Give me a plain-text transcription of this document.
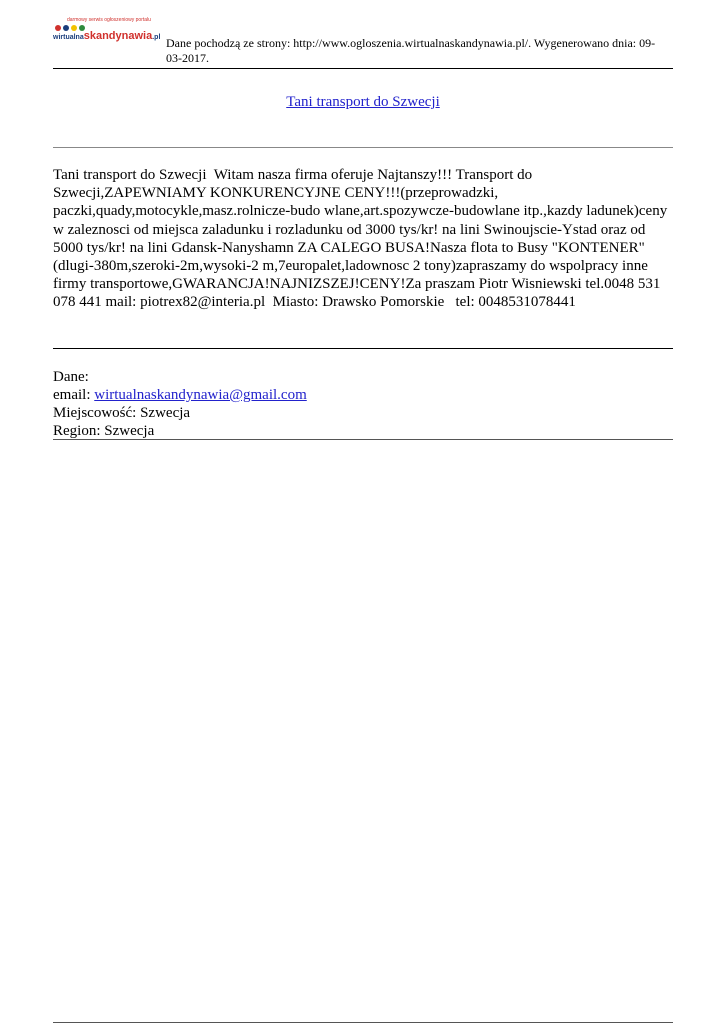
darmowy serwis ogłoszeniowy portalu
wirtualnaskandynawia.pl Dane pochodzą ze strony: http://www.ogloszenia.wirtualnaskandynawia.pl/. Wygenerowano dnia: 09-03-2017.
Tani transport do Szwecji
Tani transport do Szwecji  Witam nasza firma oferuje Najtanszy!!! Transport do Szwecji,ZAPEWNIAMY KONKURENCYJNE CENY!!!(przeprowadzki, paczki,quady,motocykle,masz.rolnicze-budo wlane,art.spozywcze-budowlane itp.,kazdy ladunek)ceny w zaleznosci od miejsca zaladunku i rozladunku od 3000 tys/kr! na lini Swinoujscie-Ystad oraz od 5000 tys/kr! na lini Gdansk-Nanyshamn ZA CALEGO BUSA!Nasza flota to Busy "KONTENER"(dlugi-380m,szeroki-2m,wysoki-2 m,7europalet,ladownosc 2 tony)zapraszamy do wspolpracy inne firmy transportowe,GWARANCJA!NAJNIZSZEJ!CENY!Za praszam Piotr Wisniewski tel.0048 531 078 441 mail: piotrex82@interia.pl  Miasto: Drawsko Pomorskie   tel: 0048531078441
Dane:
email: wirtualnaskandynawia@gmail.com
Miejscowość: Szwecja
Region: Szwecja
